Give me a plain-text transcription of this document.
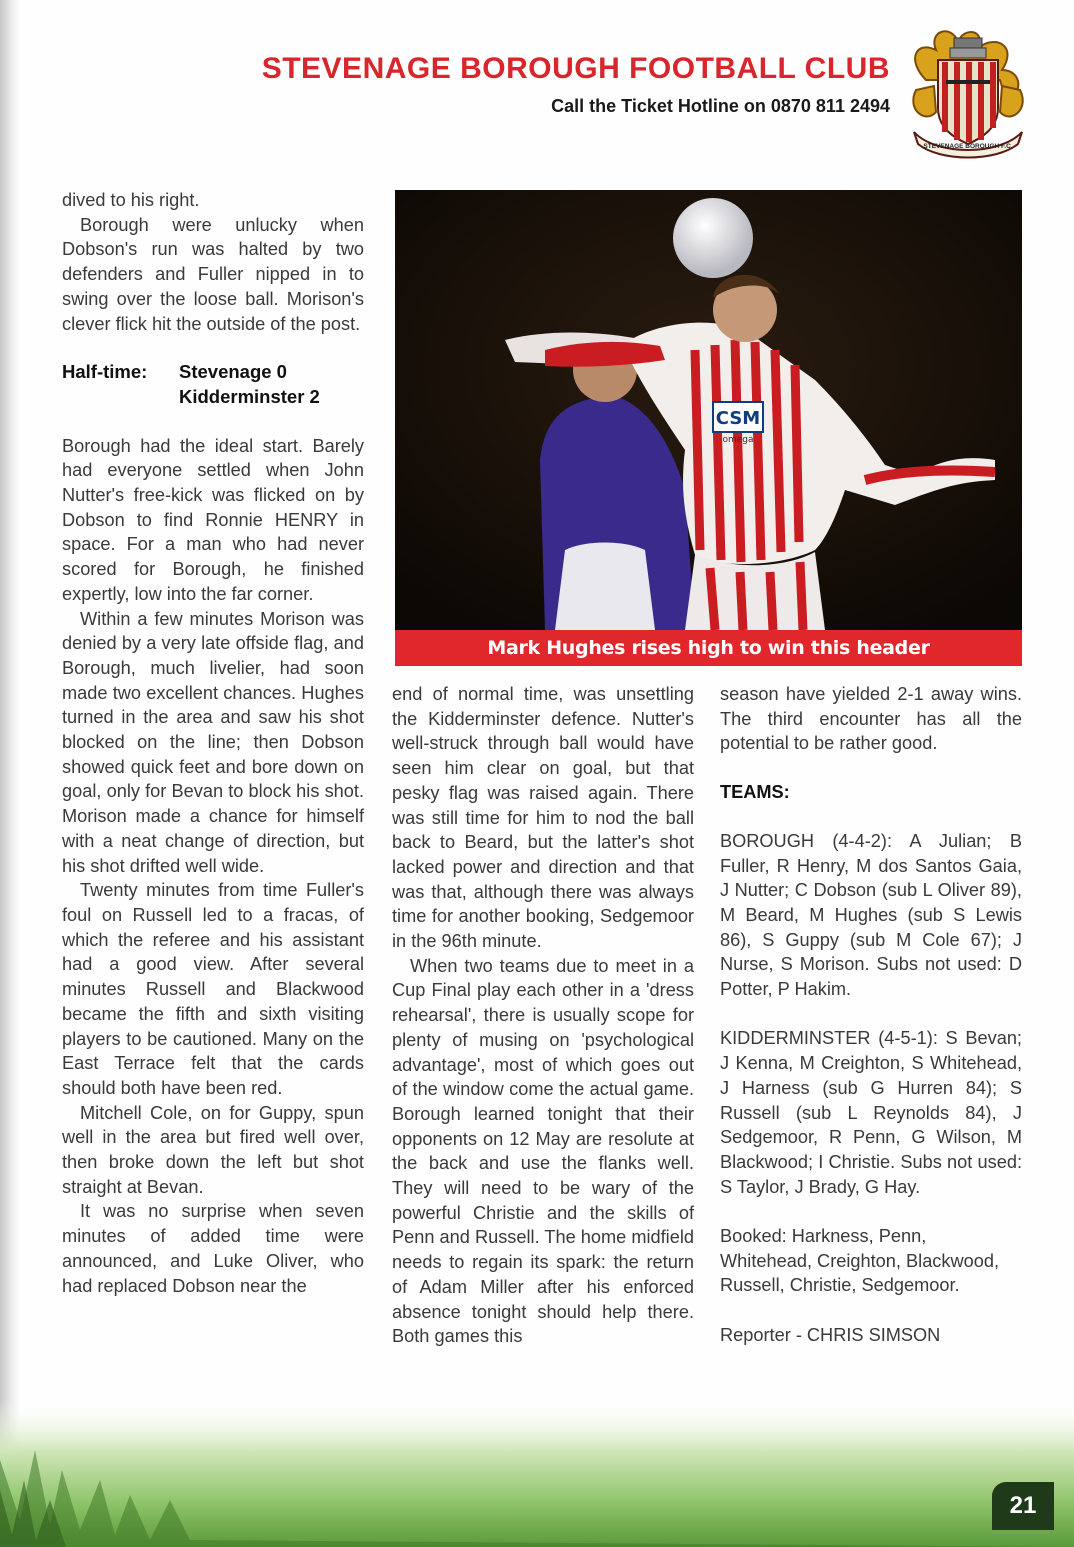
STEVENAGE BOROUGH FOOTBALL CLUB
Call the Ticket Hotline on 0870 811 2494
STEVENAGE BOROUGH F.C.

dived to his right.

Borough were unlucky when Dobson's run was halted by two defenders and Fuller nipped in to swing over the loose ball. Morison's clever flick hit the outside of the post.

Half-time:	Stevenage 0
Kidderminster 2

Borough had the ideal start. Barely had everyone settled when John Nutter's free-kick was flicked on by Dobson to find Ronnie HENRY in space. For a man who had never scored for Borough, he finished expertly, low into the far corner.

Within a few minutes Morison was denied by a very late offside flag, and Borough, much livelier, had soon made two excellent chances. Hughes turned in the area and saw his shot blocked on the line; then Dobson showed quick feet and bore down on goal, only for Bevan to block his shot. Morison made a chance for himself with a neat change of direction, but his shot drifted well wide.

Twenty minutes from time Fuller's foul on Russell led to a fracas, of which the referee and his assistant had a good view. After several minutes Russell and Blackwood became the fifth and sixth visiting players to be cautioned. Many on the East Terrace felt that the cards should both have been red.

Mitchell Cole, on for Guppy, spun well in the area but fired well over, then broke down the left but shot straight at Bevan.

It was no surprise when seven minutes of added time were announced, and Luke Oliver, who had replaced Dobson near the

CSM
omega
Mark Hughes rises high to win this header

end of normal time, was unsettling the Kidderminster defence. Nutter's well-struck through ball would have seen him clear on goal, but that pesky flag was raised again. There was still time for him to nod the ball back to Beard, but the latter's shot lacked power and direction and that was that, although there was always time for another booking, Sedgemoor in the 96th minute.

When two teams due to meet in a Cup Final play each other in a 'dress rehearsal', there is usually scope for plenty of musing on 'psychological advantage', most of which goes out of the window come the actual game. Borough learned tonight that their opponents on 12 May are resolute at the back and use the flanks well. They will need to be wary of the powerful Christie and the skills of Penn and Russell. The home midfield needs to regain its spark: the return of Adam Miller after his enforced absence tonight should help there. Both games this

season have yielded 2-1 away wins. The third encounter has all the potential to be rather good.

TEAMS:

BOROUGH (4-4-2): A Julian; B Fuller, R Henry, M dos Santos Gaia, J Nutter; C Dobson (sub L Oliver 89), M Beard, M Hughes (sub S Lewis 86), S Guppy (sub M Cole 67); J Nurse, S Morison. Subs not used: D Potter, P Hakim.

KIDDERMINSTER (4-5-1): S Bevan; J Kenna, M Creighton, S Whitehead, J Harness (sub G Hurren 84); S Russell (sub L Reynolds 84), J Sedgemoor, R Penn, G Wilson, M Blackwood; I Christie. Subs not used: S Taylor, J Brady, G Hay.

Booked: Harkness, Penn, Whitehead, Creighton, Blackwood, Russell, Christie, Sedgemoor.

Reporter - CHRIS SIMSON

21
